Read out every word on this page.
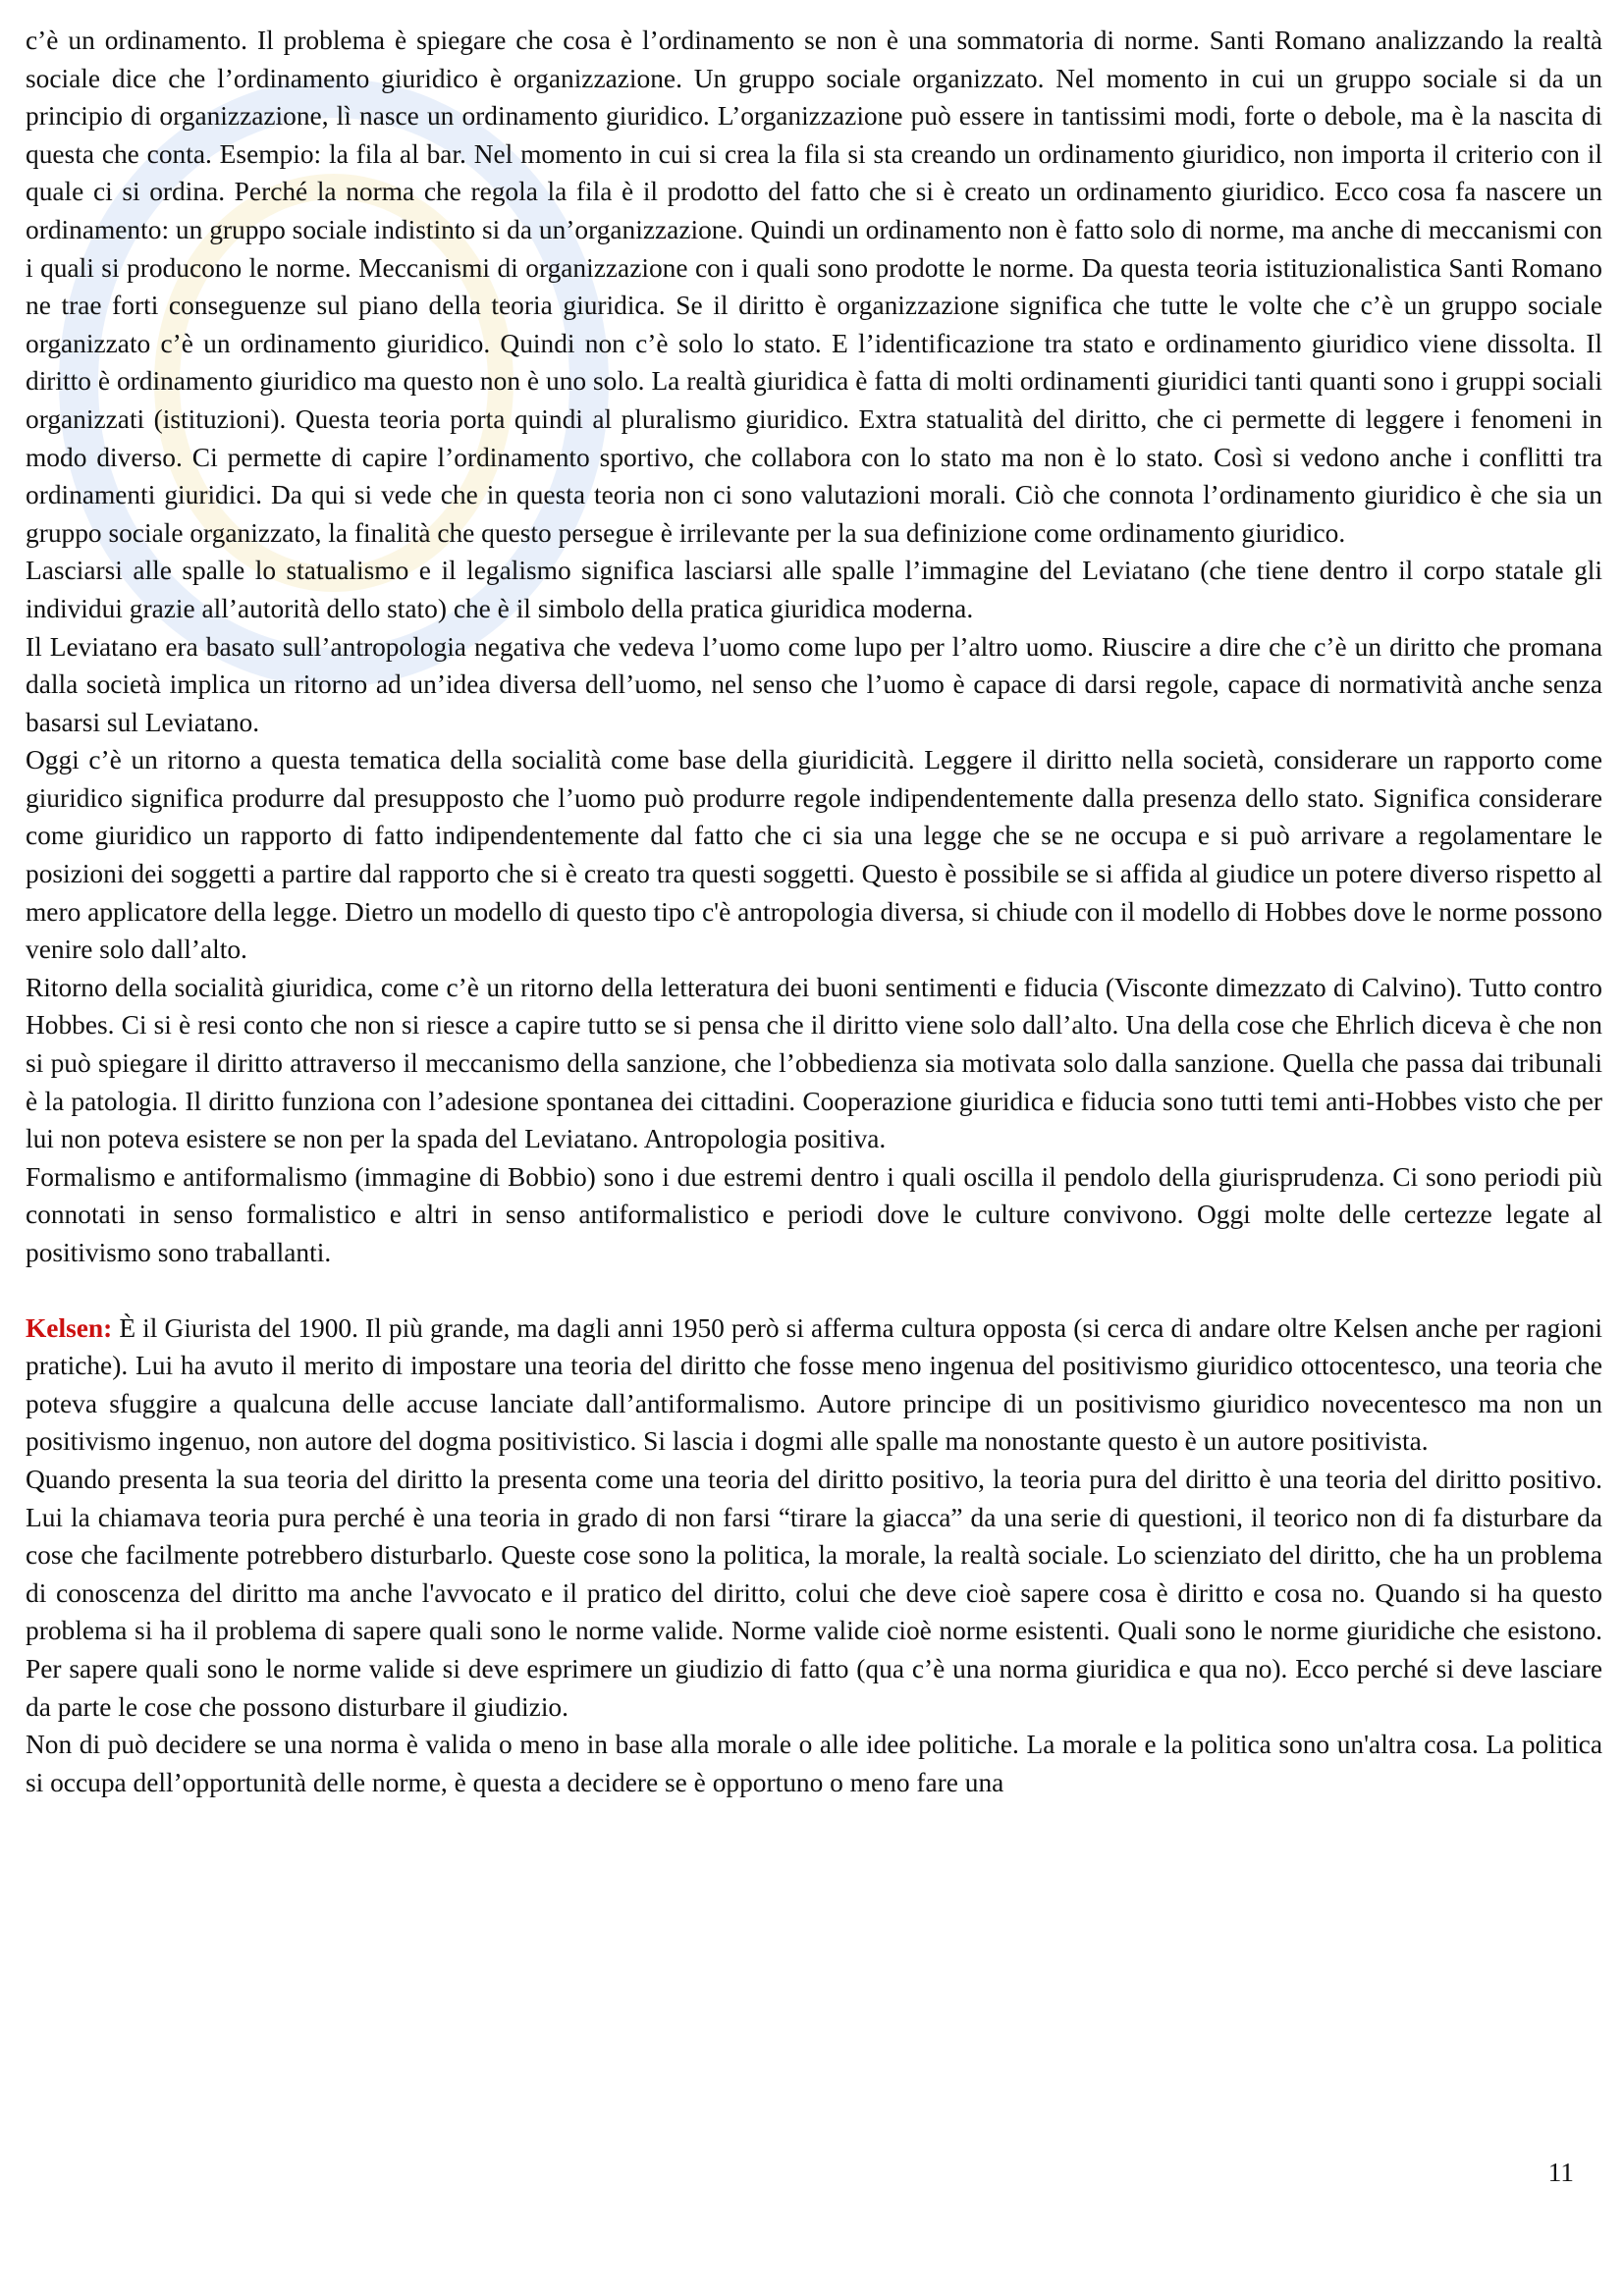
c’è un ordinamento. Il problema è spiegare che cosa è l’ordinamento se non è una sommatoria di norme. Santi Romano analizzando la realtà sociale dice che l’ordinamento giuridico è organizzazione. Un gruppo sociale organizzato. Nel momento in cui un gruppo sociale si da un principio di organizzazione, lì nasce un ordinamento giuridico. L’organizzazione può essere in tantissimi modi, forte o debole, ma è la nascita di questa che conta. Esempio: la fila al bar. Nel momento in cui si crea la fila si sta creando un ordinamento giuridico, non importa il criterio con il quale ci si ordina. Perché la norma che regola la fila è il prodotto del fatto che si è creato un ordinamento giuridico. Ecco cosa fa nascere un ordinamento: un gruppo sociale indistinto si da un’organizzazione. Quindi un ordinamento non è fatto solo di norme, ma anche di meccanismi con i quali si producono le norme. Meccanismi di organizzazione con i quali sono prodotte le norme. Da questa teoria istituzionalistica Santi Romano ne trae forti conseguenze sul piano della teoria giuridica. Se il diritto è organizzazione significa che tutte le volte che c’è un gruppo sociale organizzato c’è un ordinamento giuridico. Quindi non c’è solo lo stato. E l’identificazione tra stato e ordinamento giuridico viene dissolta. Il diritto è ordinamento giuridico ma questo non è uno solo. La realtà giuridica è fatta di molti ordinamenti giuridici tanti quanti sono i gruppi sociali organizzati (istituzioni). Questa teoria porta quindi al pluralismo giuridico. Extra statualità del diritto, che ci permette di leggere i fenomeni in modo diverso. Ci permette di capire l’ordinamento sportivo, che collabora con lo stato ma non è lo stato. Così si vedono anche i conflitti tra ordinamenti giuridici. Da qui si vede che in questa teoria non ci sono valutazioni morali. Ciò che connota l’ordinamento giuridico è che sia un gruppo sociale organizzato, la finalità che questo persegue è irrilevante per la sua definizione come ordinamento giuridico.

Lasciarsi alle spalle lo statualismo e il legalismo significa lasciarsi alle spalle l’immagine del Leviatano (che tiene dentro il corpo statale gli individui grazie all’autorità dello stato) che è il simbolo della pratica giuridica moderna.

Il Leviatano era basato sull’antropologia negativa che vedeva l’uomo come lupo per l’altro uomo. Riuscire a dire che c’è un diritto che promana dalla società implica un ritorno ad un’idea diversa dell’uomo, nel senso che l’uomo è capace di darsi regole, capace di normatività anche senza basarsi sul Leviatano.

Oggi c’è un ritorno a questa tematica della socialità come base della giuridicità. Leggere il diritto nella società, considerare un rapporto come giuridico significa produrre dal presupposto che l’uomo può produrre regole indipendentemente dalla presenza dello stato. Significa considerare come giuridico un rapporto di fatto indipendentemente dal fatto che ci sia una legge che se ne occupa e si può arrivare a regolamentare le posizioni dei soggetti a partire dal rapporto che si è creato tra questi soggetti. Questo è possibile se si affida al giudice un potere diverso rispetto al mero applicatore della legge. Dietro un modello di questo tipo c'è antropologia diversa, si chiude con il modello di Hobbes dove le norme possono venire solo dall’alto.

Ritorno della socialità giuridica, come c’è un ritorno della letteratura dei buoni sentimenti e fiducia (Visconte dimezzato di Calvino). Tutto contro Hobbes. Ci si è resi conto che non si riesce a capire tutto se si pensa che il diritto viene solo dall’alto. Una della cose che Ehrlich diceva è che non si può spiegare il diritto attraverso il meccanismo della sanzione, che l’obbedienza sia motivata solo dalla sanzione. Quella che passa dai tribunali è la patologia. Il diritto funziona con l’adesione spontanea dei cittadini. Cooperazione giuridica e fiducia sono tutti temi anti-Hobbes visto che per lui non poteva esistere se non per la spada del Leviatano. Antropologia positiva.

Formalismo e antiformalismo (immagine di Bobbio) sono i due estremi dentro i quali oscilla il pendolo della giurisprudenza. Ci sono periodi più connotati in senso formalistico e altri in senso antiformalistico e periodi dove le culture convivono. Oggi molte delle certezze legate al positivismo sono traballanti.

Kelsen: È il Giurista del 1900. Il più grande, ma dagli anni 1950 però si afferma cultura opposta (si cerca di andare oltre Kelsen anche per ragioni pratiche). Lui ha avuto il merito di impostare una teoria del diritto che fosse meno ingenua del positivismo giuridico ottocentesco, una teoria che poteva sfuggire a qualcuna delle accuse lanciate dall’antiformalismo. Autore principe di un positivismo giuridico novecentesco ma non un positivismo ingenuo, non autore del dogma positivistico. Si lascia i dogmi alle spalle ma nonostante questo è un autore positivista.

Quando presenta la sua teoria del diritto la presenta come una teoria del diritto positivo, la teoria pura del diritto è una teoria del diritto positivo. Lui la chiamava teoria pura perché è una teoria in grado di non farsi “tirare la giacca” da una serie di questioni, il teorico non di fa disturbare da cose che facilmente potrebbero disturbarlo. Queste cose sono la politica, la morale, la realtà sociale. Lo scienziato del diritto, che ha un problema di conoscenza del diritto ma anche l'avvocato e il pratico del diritto, colui che deve cioè sapere cosa è diritto e cosa no. Quando si ha questo problema si ha il problema di sapere quali sono le norme valide. Norme valide cioè norme esistenti. Quali sono le norme giuridiche che esistono. Per sapere quali sono le norme valide si deve esprimere un giudizio di fatto (qua c’è una norma giuridica e qua no). Ecco perché si deve lasciare da parte le cose che possono disturbare il giudizio.

Non di può decidere se una norma è valida o meno in base alla morale o alle idee politiche. La morale e la politica sono un'altra cosa. La politica si occupa dell’opportunità delle norme, è questa a decidere se è opportuno o meno fare una

11
